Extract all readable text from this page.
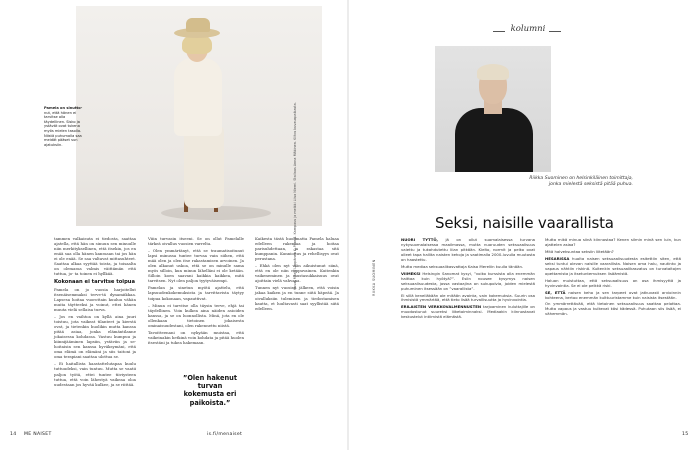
Pamela on sinutto- nut, että hänen ei tarvitse olla täydellinen. Sisko ja ystävät ovat tukena myös mielen tasolla. Niistä puhumalla saa meidät pääset sun ajatuksiin.

tammen valkaisuta ei tiedosta, saattaa ajatella, että hän on sinuun sen minuulle niin merkityksellinen, että itsekin, jos en enää saa olla hänen kanssaan tai jos hän ei ole enää. Se saa valtavat mittasuhteet. Saattaa alkaa syyttää toista, ja toisaalta on olemassa valmis väittämän että tuttua, jo- ta toinen ei hyllkää.

Kokonaan ei tarvitse toipua

Pamela on jo vuosia harjoitellut itsenäisemmaksi terve-tä dynamiikkaa. Lapsesa hoitaa vuorottain kuuluu vähän muita täytteeksi ja voinut, ettei hänen muuta vielä sellaisa turva.

– Jos en vaihtoa on kyllä aina juuri toistuu, jota vaikeat tilanteet ja kierstä ovat, ja tietenkin huolikin mutta kanssa pitää asiaa, jonka elämäntilanne jokaisessa kohdassa. Vastuu kumpuu ja kiinnijääminen lapsiin, ystäviin ja se- hoitaisin sen kanssa hyväksymäni, että oma elämä on elämäni ja siis taitoni ja oma terapiani saattaa ulottua se.

– Ei haitallista haastattelutapaa kuulu tuttuudeksi, vain tuntuu. Mutta se vaatii paljon työtä, ettei tuntee tiiviysteen tuttua, että voin lähestyä vaikeaa oloa uudestaan jos hyvää kulkee, ja se riittää.

Viiin turvasin itseeni. Se on ollut Pamelalle tärkeä oivallus vuosien varrelta.

– Olen ymmärtänyt, että se traumatisoitunut lapsi minussa tuntee turvaa vain siihen, että mää olen ja olen itse rakastamisen arvoinen. Ja olen alkanut uskoa, että se on minulle sama myös silloin, kun minun lähelläni ei ole ketään. Silloin koen saavani kaikkia kaikkea, mitä tarvitsen. Nyt olen paljon tyytyväisempi.

Pamelan ja sinetun myötä ajattelu, että lapsuudenkokemuksista ja tarvittavista täytyy toipua kokonaan, vapauttivat.

– Minun ei tarvitse olla täysin terve, ehjä tai täydellinen. Voin kulkea aina näiden asioiden kanssa, ja se on luonnollista. Minä, jota en ole ollenkaan tietoinen jokaisesta ominaisuudestani, olen rakennettu niistä.

Tavoitteenani on nykyään muistaa, että vaikeinakin hetkinä voin kohdata ja pitää huolen itsestäni ja tukea hakemaan.

”Olen hakenut turvan kokemusta eri paikoista.”

Kaikesta tästä huolimatta Pamela haluaa edelleen rakentaa ja hoitaa parisuhdettaan, ja rakastaa sitä kumppanin. Kunnioitus ja rehellisyys ovat perustana.

– Ehkä olen nyt vain aikuistunut siinä, että en ole niin riippuvainen. Kuitenkin vaikeneminen ja mustasukkaisuus ovat ajoittain vielä vahvana.

Tunnen nyt vuosien jälkeen, että voisin jakaa kaiken ja en tunne siitä häpeää. Ja oivalluksiin tulemisen ja tiedostamisen kautta, et luultavasti saat syyllistää siitä edelleen.

Kuvat Maria Leppänen & Pexels. Kampaus ja meikki Liisa Niemi. Stailaus Anna Mäkinen. Kiitos kuvauspaikasta.
14 ME NAISET	is.fi/menaiset
kolumni
Riikka Suominen on helsinkiläinen toimittaja,
jonka mielestä seksistä pitää puhua.
Seksi, naisille vaarallista
RIIKKA SUOMINEN

NUORI TYTTÖ, jä on ollut suomalaisessa turvana nykysuomalaisessa maailmassa, mutta nuoruuden seksuaalisuus vaiettu ja tukahdutettu liian pitkään. Kielto, normit ja pelko ovat olleet tapa hallita naisten kehoja ja vaatimalla 2000-luvulla muutosta on haastettu.

Mutta mediaa seksuaalikasvattaja Kaisa Mereliin kuulla tänään.

VIIMEKSI Helsingin Sanomat kysyi, ”voiko kurssista olla enemmän haittaa kuin hyötyä?”. Esiin nousee kysymys naisen seksuaalisuudesta, jossa vastaajina on sukupolvia, joiden mielestä puhuminen itsessään on ”vaarallista”.

Ei sillä kenelläkään ole mitään avainta, vain kokemuksia. Suurin osa ihmisistä ymmärtää, että tieto lisää turvallisuutta ja hyvinvointia.

ERILAISTEN VERKKOVALMENNUSTEN tarjoaminen kuluttajille on muodostunut suureksi liiketoiminnaksi. Mediaakin kiinnostavat keskustelut intiimistä elämästä.

Mutta mikä minua siinä kiinnostaa? Kenen silmin minä sen luin, kun ajattelen asiaa?

Mitä halveksuntaa seksiin liitetään?

HESARISSA huolta naisen seksuaalisuudesta esitettiin siten, että seksi tuntui olevan naisille vaarallista. Naisen oma halu, nautinto ja vapaus nähtiin riskinä. Kuitenkin seksuaalikasvatus on turvataitojen opettamista ja itsetuntemuksen lisäämistä.

Haluan muistuttaa, että seksuaalisuus on osa ihmisyyttä ja hyvinvointia. Se ei ole pelkkä riski.

SE, ETTÄ naisen keho ja sen tarpeet ovat jatkuvasti arvioinnin kohteena, kertoo enemmän kulttuuristamme kuin naisista itsestään.

On ymmärrettävää, että tietoinen seksuaalisuus saattaa pelottaa. Mutta vapaus ja vastuu kulkevat käsi kädessä. Puhutaan siis lisää, ei vähemmän.

15
